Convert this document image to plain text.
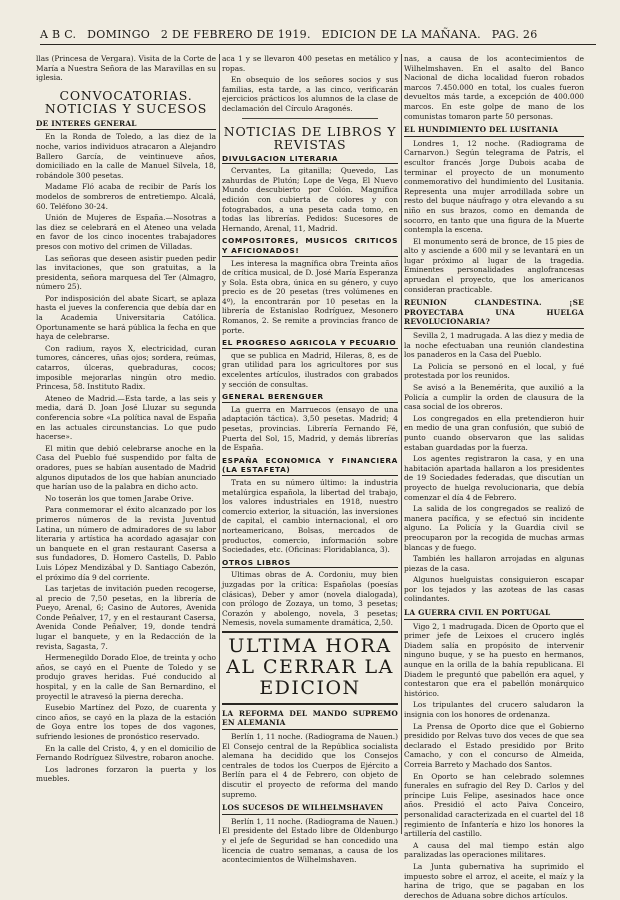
A B C. DOMINGO 2 DE FEBRERO DE 1919. EDICION DE LA MAÑANA. PAG. 26

llas (Princesa de Vergara). Visita de la Corte de María a Nuestra Señora de las Maravillas en su iglesia.

CONVOCATORIAS. NOTICIAS Y SUCESOS
DE INTERES GENERAL

En la Ronda de Toledo, a las diez de la noche, varios individuos atracaron a Alejandro Ballero García, de veintinueve años, domiciliado en la calle de Manuel Silvela, 18, robándole 300 pesetas.

Madame Fló acaba de recibir de París los modelos de sombreros de entretiempo. Alcalá, 60. Teléfono 30-24.

Unión de Mujeres de España.—Nosotras a las diez se celebrará en el Ateneo una velada en favor de los cinco inocentes trabajadores presos con motivo del crimen de Villadas.

Las señoras que deseen asistir pueden pedir las invitaciones, que son gratuitas, a la presidenta, señora marquesa del Ter (Almagro, número 25).

Por indisposición del abate Sicart, se aplaza hasta el jueves la conferencia que debía dar en la Academia Universitaria Católica. Oportunamente se hará pública la fecha en que haya de celebrarse.

Con radium, rayos X, electricidad, curan tumores, cánceres, uñas ojos; sordera, reúmas, catarros, úlceras, quebraduras, cocos; imposible mejorarlas ningún otro medio. Princesa, 58. Instituto Radix.

Ateneo de Madrid.—Esta tarde, a las seis y media, dará D. Joan José Lluzar su segunda conferencia sobre «La política naval de España en las actuales circunstancias. Lo que pudo hacerse».

El mitin que debió celebrarse anoche en la Casa del Pueblo fué suspendido por falta de oradores, pues se habían ausentado de Madrid algunos diputados de los que habían anunciado que harían uso de la palabra en dicho acto.

No toserán los que tomen Jarabe Orive.

Para conmemorar el éxito alcanzado por los primeros números de la revista Juventud Latina, un número de admiradores de su labor literaria y artística ha acordado agasajar con un banquete en el gran restaurant Casersa a sus fundadores, D. Homero Castells, D. Pablo Luis López Mendizábal y D. Santiago Cabezón, el próximo día 9 del corriente.

Las tarjetas de invitación pueden recogerse, al precio de 7,50 pesetas, en la librería de Pueyo, Arenal, 6; Casino de Autores, Avenida Conde Peñalver, 17, y en el restaurant Casersa, Avenida Conde Peñalver, 19, donde tendrá lugar el banquete, y en la Redacción de la revista, Sagasta, 7.

Hermenegildo Dorado Eloe, de treinta y ocho años, se cayó en el Puente de Toledo y se produjo graves heridas. Fué conducido al hospital, y en la calle de San Bernardino, el proyectil le atravesó la pierna derecha.

Eusebio Martínez del Pozo, de cuarenta y cinco años, se cayó en la plaza de la estación de Goya entre los topes de dos vagones, sufriendo lesiones de pronóstico reservado.

En la calle del Cristo, 4, y en el domicilio de Fernando Rodríguez Silvestre, robaron anoche.

Los ladrones forzaron la puerta y los muebles.

aca 1 y se llevaron 400 pesetas en metálico y ropas.

En obsequio de los señores socios y sus familias, esta tarde, a las cinco, verificarán ejercicios prácticos los alumnos de la clase de declamación del Círculo Aragonés.

NOTICIAS DE LIBROS Y REVISTAS
DIVULGACION LITERARIA

Cervantes, La gitanilla; Quevedo, Las zahurdas de Plutón; Lope de Vega, El Nuevo Mundo descubierto por Colón. Magnífica edición con cubierta de colores y con fotograbados, a una peseta cada tomo, en todas las librerías. Pedidos: Sucesores de Hernando, Arenal, 11, Madrid.

COMPOSITORES, MUSICOS CRITICOS Y AFICIONADOS!

Les interesa la magnífica obra Treinta años de crítica musical, de D. José María Esperanza y Sola. Esta obra, única en su género, y cuyo precio es de 20 pesetas (tres volúmenes en 4º), la encontrarán por 10 pesetas en la librería de Estanislao Rodríguez, Mesonero Romanos, 2. Se remite a provincias franco de porte.

EL PROGRESO AGRICOLA Y PECUARIO

que se publica en Madrid, Hileras, 8, es de gran utilidad para los agricultores por sus excelentes artículos, ilustrados con grabados y sección de consultas.

GENERAL BERENGUER

La guerra en Marruecos (ensayo de una adaptación táctica). 3,50 pesetas. Madrid; 4 pesetas, provincias. Librería Fernando Fé, Puerta del Sol, 15, Madrid, y demás librerías de España.

ESPAÑA ECONOMICA Y FINANCIERA (LA ESTAFETA)

Trata en su número último: la industria metalúrgica española, la libertad del trabajo, los valores industriales en 1918, nuestro comercio exterior, la situación, las inversiones de capital, el cambio internacional, el oro norteamericano, Bolsas, mercados de productos, comercio, información sobre Sociedades, etc. (Oficinas: Floridablanca, 3).

OTROS LIBROS

Ultimas obras de A. Cordoniu, muy bien juzgadas por la crítica: Españolas (poesías clásicas), Deber y amor (novela dialogada), con prólogo de Zozaya, un tomo, 3 pesetas; Corazón y abolengo, novela, 3 pesetas; Nemesis, novela sumamente dramática, 2,50.

ULTIMA HORA AL CERRAR LA EDICION
LA REFORMA DEL MANDO SUPREMO EN ALEMANIA

Berlín 1, 11 noche. (Radiograma de Nauen.) El Consejo central de la República socialista alemana ha decidido que los Consejos centrales de todos los Cuerpos de Ejército a Berlín para el 4 de Febrero, con objeto de discutir el proyecto de reforma del mando supremo.

LOS SUCESOS DE WILHELMSHAVEN

Berlín 1, 11 noche. (Radiograma de Nauen.) El presidente del Estado libre de Oldenburgo y el jefe de Seguridad se han concedido una licencia de cuatro semanas, a causa de los acontecimientos de Wilhelmshaven.

nas, a causa de los acontecimientos de Wilhelmshaven. En el asalto del Banco Nacional de dicha localidad fueron robados marcos 7.450.000 en total, los cuales fueron devueltos más tarde, a excepción de 400.000 marcos. En este golpe de mano de los comunistas tomaron parte 50 personas.

EL HUNDIMIENTO DEL LUSITANIA

Londres 1, 12 noche. (Radiograma de Carnarvon.) Según telegrama de Patrís, el escultor francés Jorge Dubois acaba de terminar el proyecto de un monumento conmemorativo del hundimiento del Lusitania. Representa una mujer arrodillada sobre un resto del buque náufrago y otra elevando a su niño en sus brazos, como en demanda de socorro, en tanto que una figura de la Muerte contempla la escena.

El monumento será de bronce, de 15 pies de alto y asciende a 600 mil y se levantará en un lugar próximo al lugar de la tragedia. Eminentes personalidades anglofrancesas apruedan el proyecto, que los americanos consideran practicable.

REUNION CLANDESTINA. ¡SE PROYECTABA UNA HUELGA REVOLUCIONARIA?

Sevilla 2, 1 madrugada. A las diez y media de la noche efectuaban una reunión clandestina los panaderos en la Casa del Pueblo.

La Policía se personó en el local, y fué protestada por los reunidos.

Se avisó a la Benemérita, que auxilió a la Policía a cumplir la orden de clausura de la casa social de los obreros.

Los congregados en ella pretendieron huir en medio de una gran confusión, que subió de punto cuando observaron que las salidas estaban guardadas por la fuerza.

Los agentes registraron la casa, y en una habitación apartada hallaron a los presidentes de 19 Sociedades federadas, que discutían un proyecto de huelga revolucionaria, que debía comenzar el día 4 de Febrero.

La salida de los congregados se realizó de manera pacífica, y se efectuó sin incidente alguno. La Policía y la Guardia civil se preocuparon por la recogida de muchas armas blancas y de fuego.

También les hallaron arrojadas en algunas piezas de la casa.

Algunos huelguistas consiguieron escapar por los tejados y las azoteas de las casas colindantes.

LA GUERRA CIVIL EN PORTUGAL

Vigo 2, 1 madrugada. Dicen de Oporto que el primer jefe de Leixoes el crucero inglés Diadem salía en propósito de intervenir ninguno buque, y se ha puesto en hermanos, aunque en la orilla de la bahía republicana. El Diadem le preguntó que pabellón era aquel, y contestaron que era el pabellón monárquico histórico.

Los tripulantes del crucero saludaron la insignia con los honores de ordenanza.

La Prensa de Oporto dice que el Gobierno presidido por Relvas tuvo dos veces de que sea declarado el Estado presidido por Brito Camacho, y con el concurso de Almeida, Correia Barreto y Machado dos Santos.

En Oporto se han celebrado solemnes funerales en sufragio del Rey D. Carlos y del príncipe Luis Felipe, asesinados hace once años. Presidió el acto Paiva Conceiro, personalidad caracterizada en el cuartel del 18 regimiento de Infantería e hizo los honores la artillería del castillo.

A causa del mal tiempo están algo paralizadas las operaciones militares.

La Junta gubernativa ha suprimido el impuesto sobre el arroz, el aceite, el maíz y la harina de trigo, que se pagaban en los derechos de Aduana sobre dichos artículos.
